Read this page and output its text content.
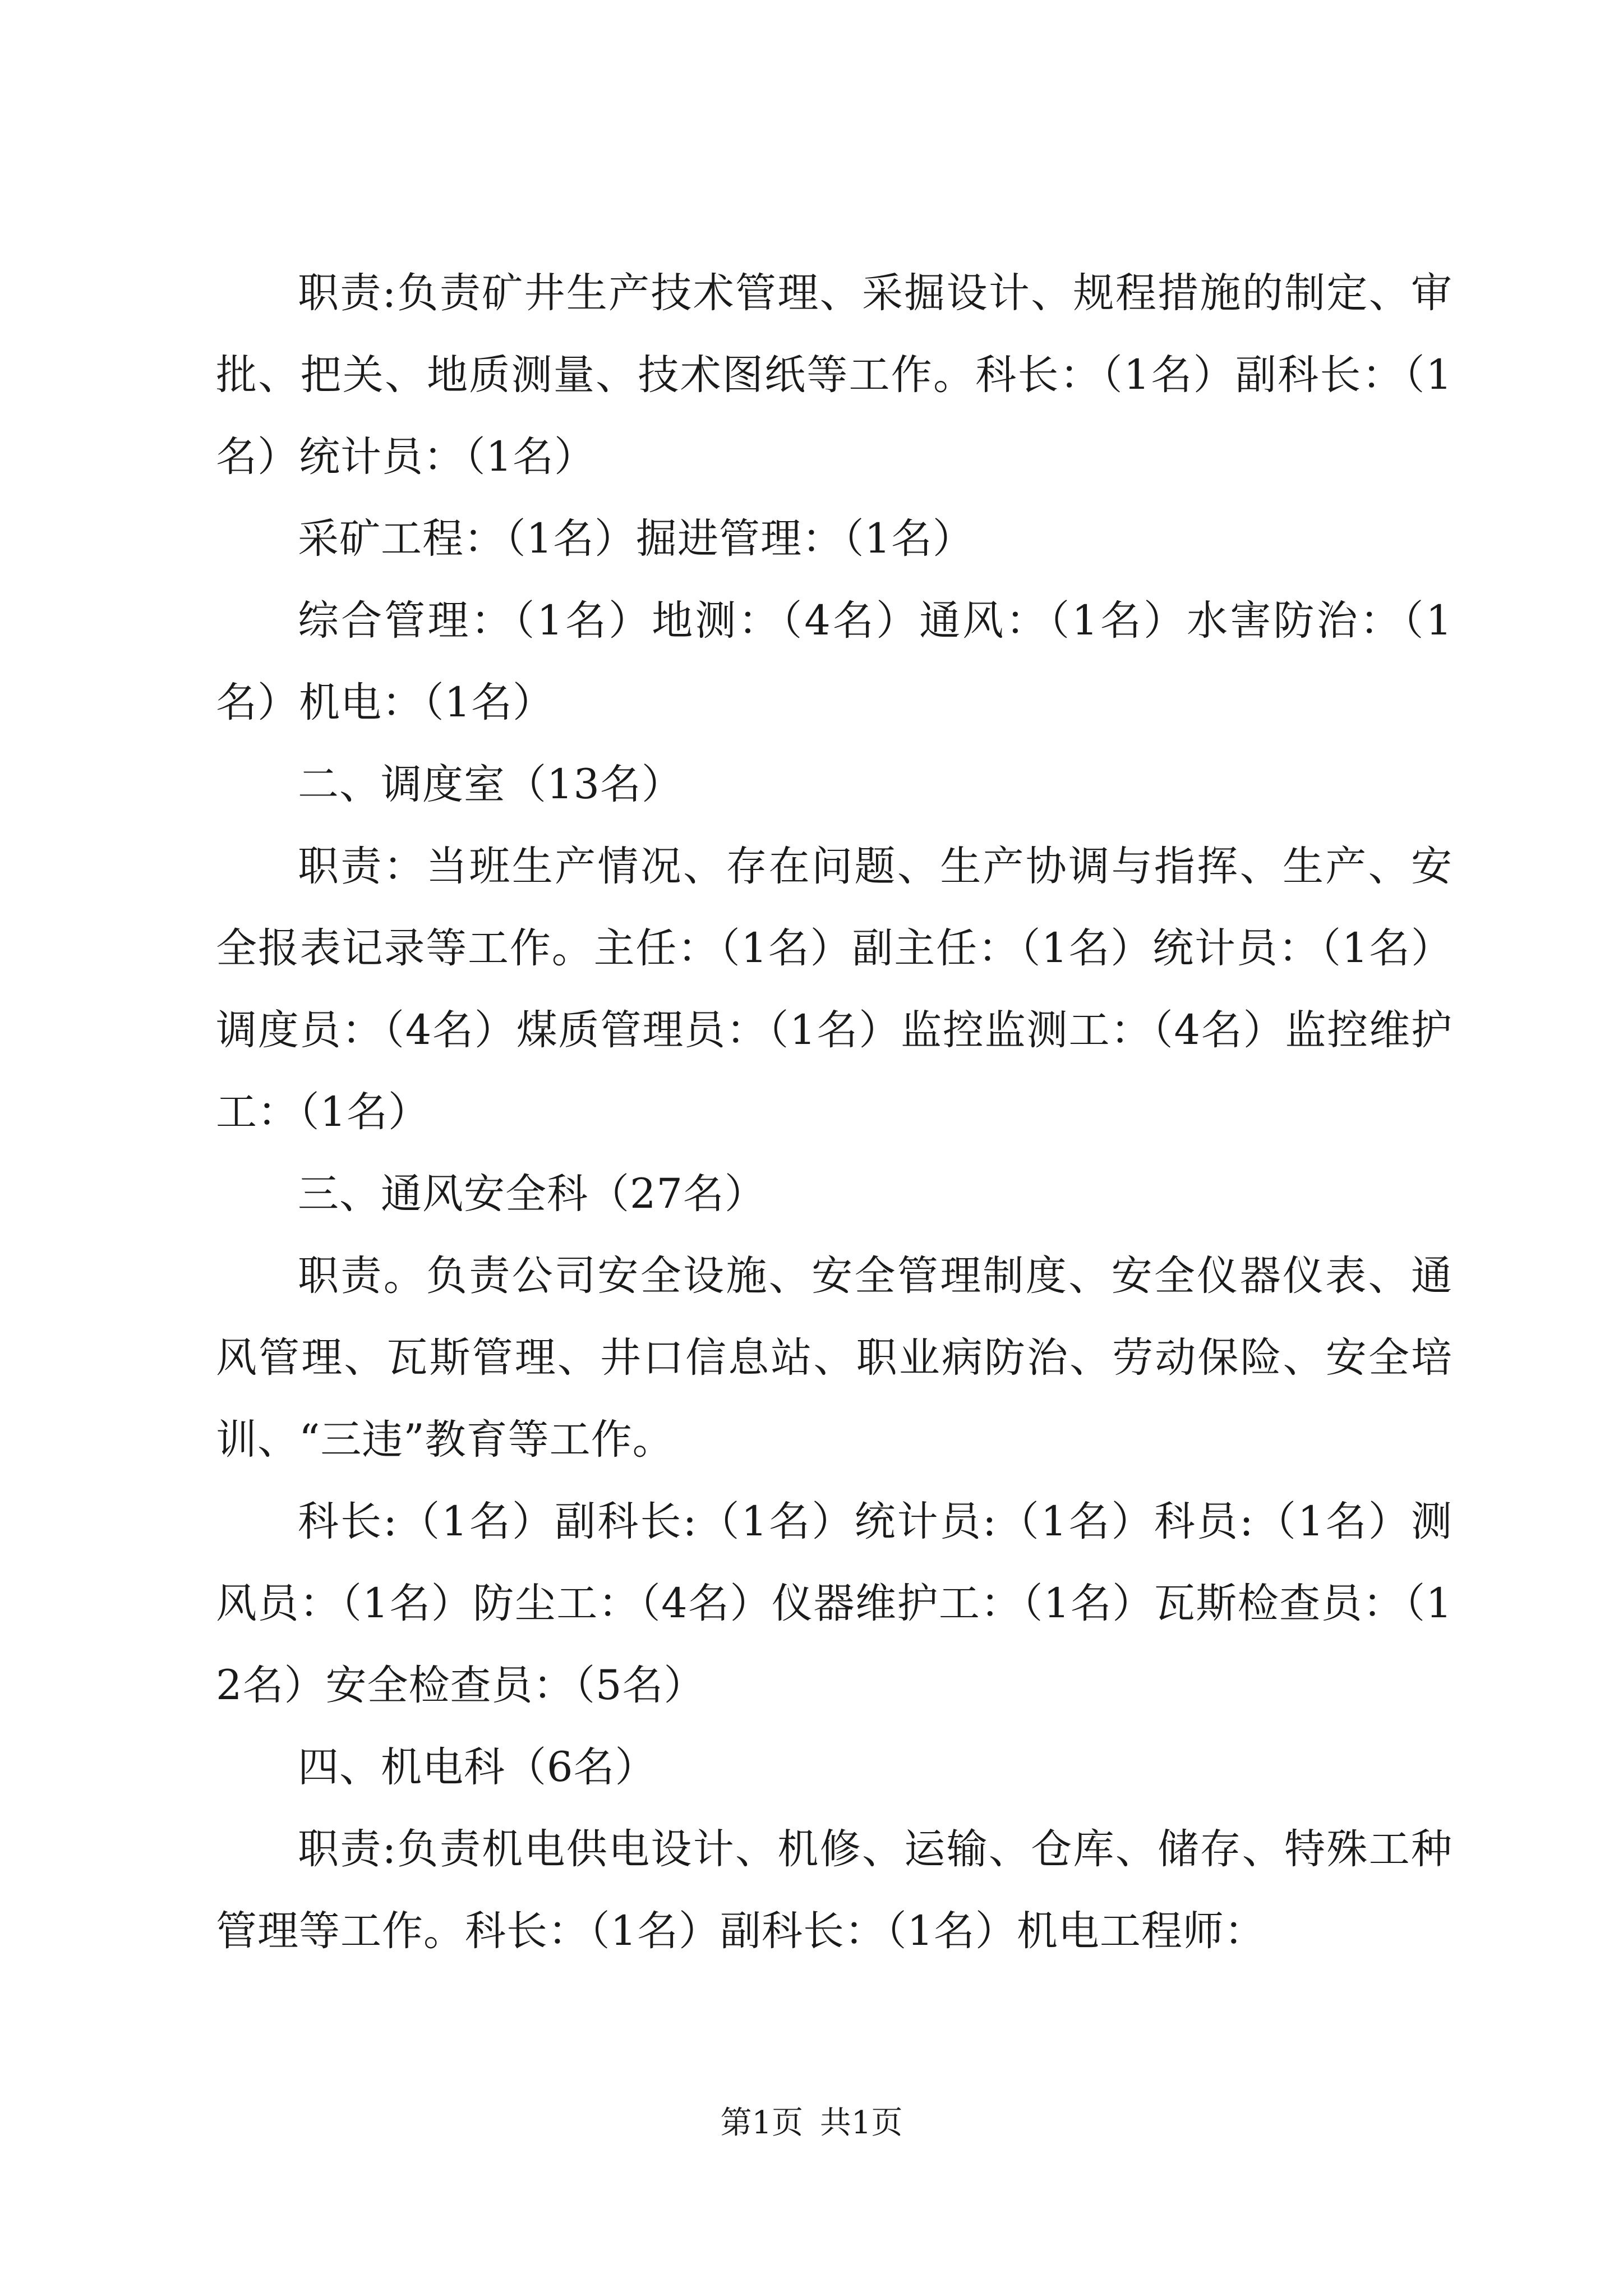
职责:负责矿井生产技术管理、采掘设计、规程措施的制定、审批、把关、地质测量、技术图纸等工作。科长：（1名）副科长：（1名）统计员：（1名）

采矿工程：（1名）掘进管理：（1名）

综合管理：（1名）地测：（4名）通风：（1名）水害防治：（1名）机电：（1名）

二、调度室（13名）

职责：当班生产情况、存在问题、生产协调与指挥、生产、安全报表记录等工作。主任：（1名）副主任：（1名）统计员：（1名）调度员：（4名）煤质管理员：（1名）监控监测工：（4名）监控维护工：（1名）

三、通风安全科（27名）

职责。负责公司安全设施、安全管理制度、安全仪器仪表、通风管理、瓦斯管理、井口信息站、职业病防治、劳动保险、安全培训、“三违”教育等工作。

科长:（1名）副科长:（1名）统计员:（1名）科员:（1名）测风员：（1名）防尘工：（4名）仪器维护工：（1名）瓦斯检查员：（12名）安全检查员：（5名）

四、机电科（6名）

职责:负责机电供电设计、机修、运输、仓库、储存、特殊工种管理等工作。科长：（1名）副科长：（1名）机电工程师：

第1页 共1页
